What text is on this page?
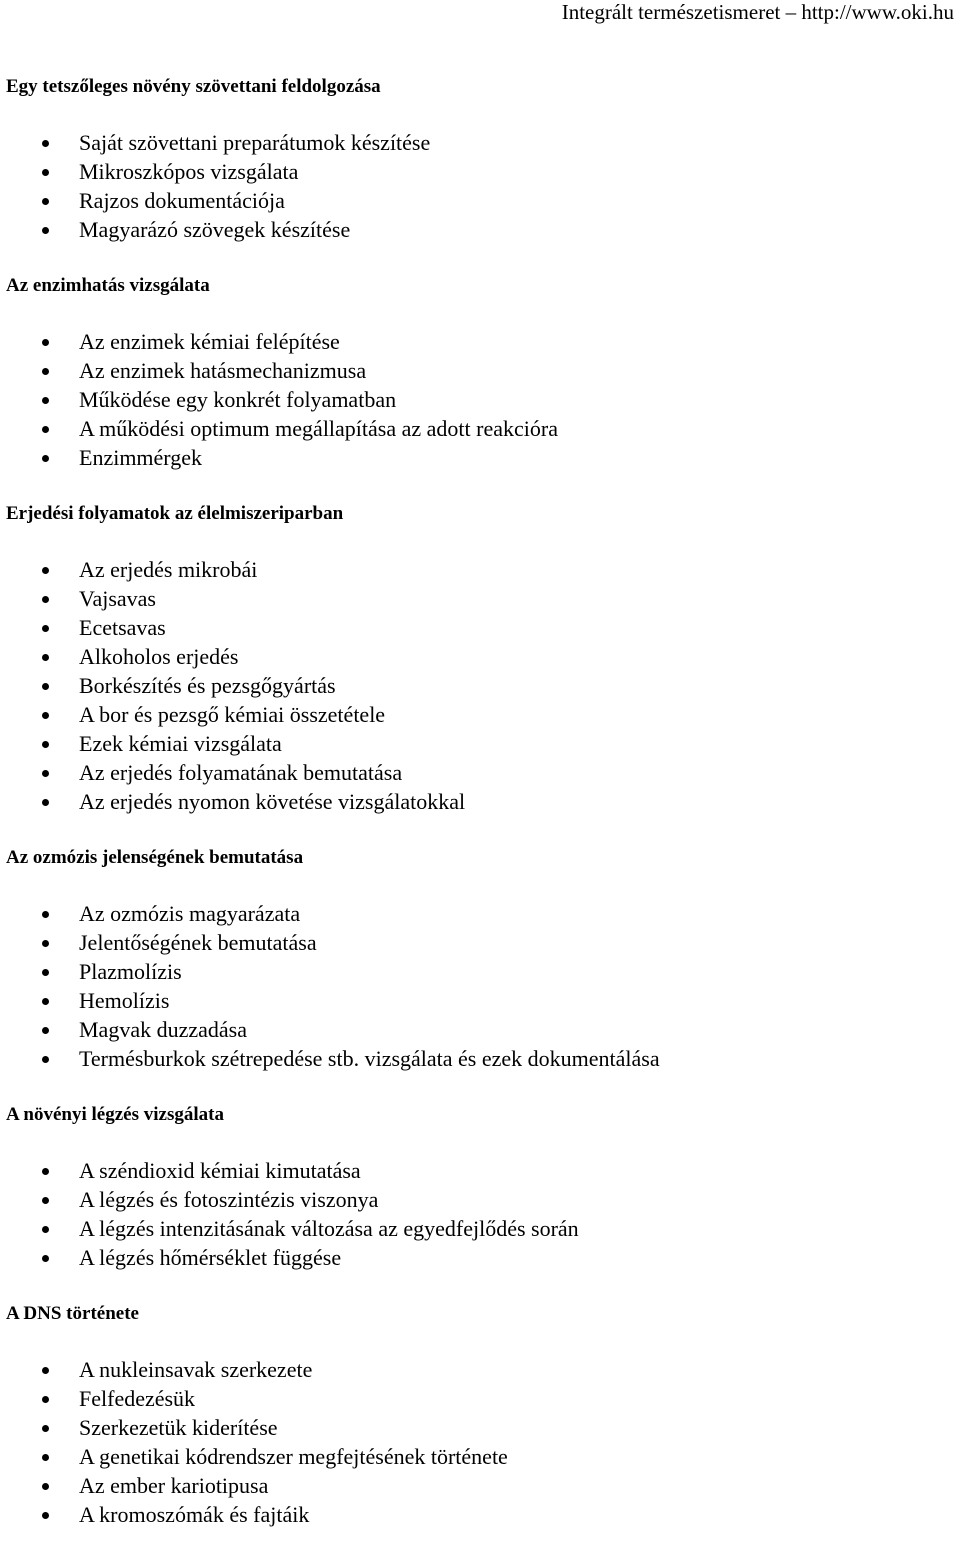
Integrált természetismeret – http://www.oki.hu
Egy tetszőleges növény szövettani feldolgozása
Saját szövettani preparátumok készítése
Mikroszkópos vizsgálata
Rajzos dokumentációja
Magyarázó szövegek készítése
Az enzimhatás vizsgálata
Az enzimek kémiai felépítése
Az enzimek hatásmechanizmusa
Működése egy konkrét folyamatban
A működési optimum megállapítása az adott reakcióra
Enzimmérgek
Erjedési folyamatok az élelmiszeriparban
Az erjedés mikrobái
Vajsavas
Ecetsavas
Alkoholos erjedés
Borkészítés és pezsgőgyártás
A bor és pezsgő kémiai összetétele
Ezek kémiai vizsgálata
Az erjedés folyamatának bemutatása
Az erjedés nyomon követése vizsgálatokkal
Az ozmózis jelenségének bemutatása
Az ozmózis magyarázata
Jelentőségének bemutatása
Plazmolízis
Hemolízis
Magvak duzzadása
Termésburkok szétrepedése stb. vizsgálata és ezek dokumentálása
A növényi légzés vizsgálata
A széndioxid kémiai kimutatása
A légzés és fotoszintézis viszonya
A légzés intenzitásának változása az egyedfejlődés során
A légzés hőmérséklet függése
A DNS története
A nukleinsavak szerkezete
Felfedezésük
Szerkezetük kiderítése
A genetikai kódrendszer megfejtésének története
Az ember kariotipusa
A kromoszómák és fajtáik
